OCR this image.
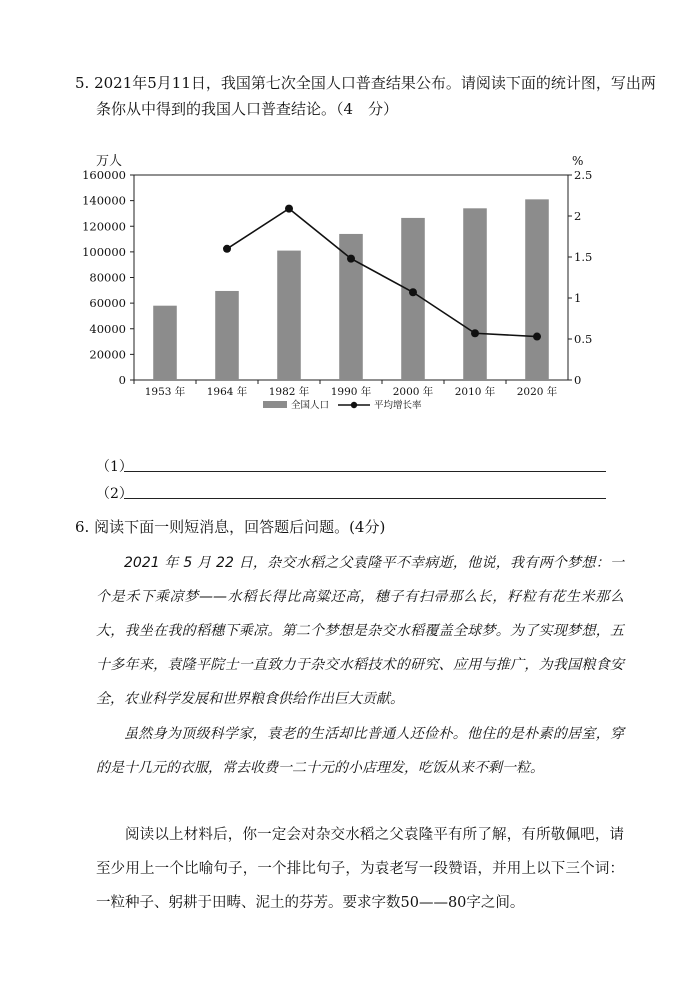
5. 2021年5月11日，我国第七次全国人口普查结果公布。请阅读下面的统计图，写出两
条你从中得到的我国人口普查结论。（4　分）
万人	%
0
20000
40000
60000
80000
100000
120000
140000
160000
0
0.5
1
1.5
2
2.5
1953 年 1964 年 1982 年 1990 年 2000 年 2010 年 2020 年
全国人口	平均增长率
（1）
（2）
6. 阅读下面一则短消息，回答题后问题。(4分)

2021 年 5 月 22 日，杂交水稻之父袁隆平不幸病逝，他说，我有两个梦想：一个是禾下乘凉梦——水稻长得比高粱还高，穗子有扫帚那么长，籽粒有花生米那么大，我坐在我的稻穗下乘凉。第二个梦想是杂交水稻覆盖全球梦。为了实现梦想，五十多年来，袁隆平院士一直致力于杂交水稻技术的研究、应用与推广，为我国粮食安全，农业科学发展和世界粮食供给作出巨大贡献。

虽然身为顶级科学家，袁老的生活却比普通人还俭朴。他住的是朴素的居室，穿的是十几元的衣服，常去收费一二十元的小店理发，吃饭从来不剩一粒。

阅读以上材料后，你一定会对杂交水稻之父袁隆平有所了解，有所敬佩吧，请至少用上一个比喻句子，一个排比句子，为袁老写一段赞语，并用上以下三个词：一粒种子、躬耕于田畴、泥土的芬芳。要求字数50——80字之间。
